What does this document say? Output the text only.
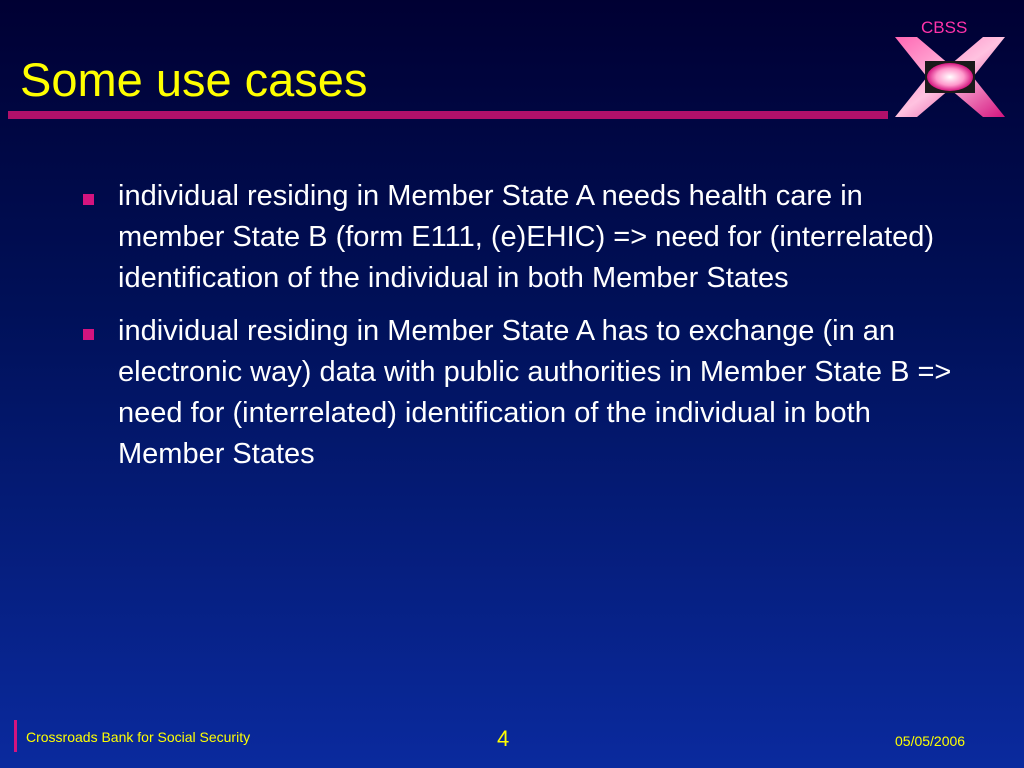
Some use cases
CBSS
individual residing in Member State A needs health care in member State B (form E111, (e)EHIC) => need for (interrelated) identification of the individual in both Member States
individual residing in Member State A has to exchange (in an electronic way) data with public authorities in Member State B => need for (interrelated) identification of the individual in both Member States
Crossroads Bank for Social Security	4	05/05/2006
